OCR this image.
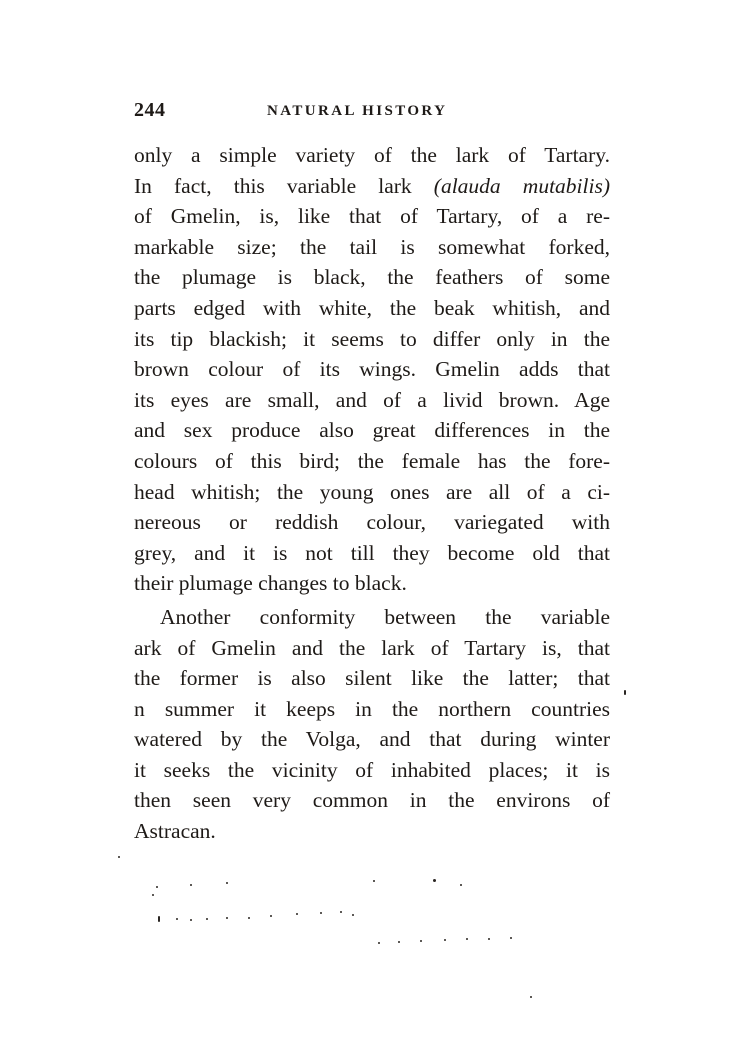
244	NATURAL HISTORY
only a simple variety of the lark of Tartary.
In fact, this variable lark (alauda mutabilis)
of Gmelin, is, like that of Tartary, of a re-
markable size; the tail is somewhat forked,
the plumage is black, the feathers of some
parts edged with white, the beak whitish, and
its tip blackish; it seems to differ only in the
brown colour of its wings. Gmelin adds that
its eyes are small, and of a livid brown. Age
and sex produce also great differences in the
colours of this bird; the female has the fore-
head whitish; the young ones are all of a ci-
nereous or reddish colour, variegated with
grey, and it is not till they become old that
their plumage changes to black.
Another conformity between the variable
ark of Gmelin and the lark of Tartary is, that
the former is also silent like the latter; that
n summer it keeps in the northern countries
watered by the Volga, and that during winter
it seeks the vicinity of inhabited places; it is
then seen very common in the environs of
Astracan.
